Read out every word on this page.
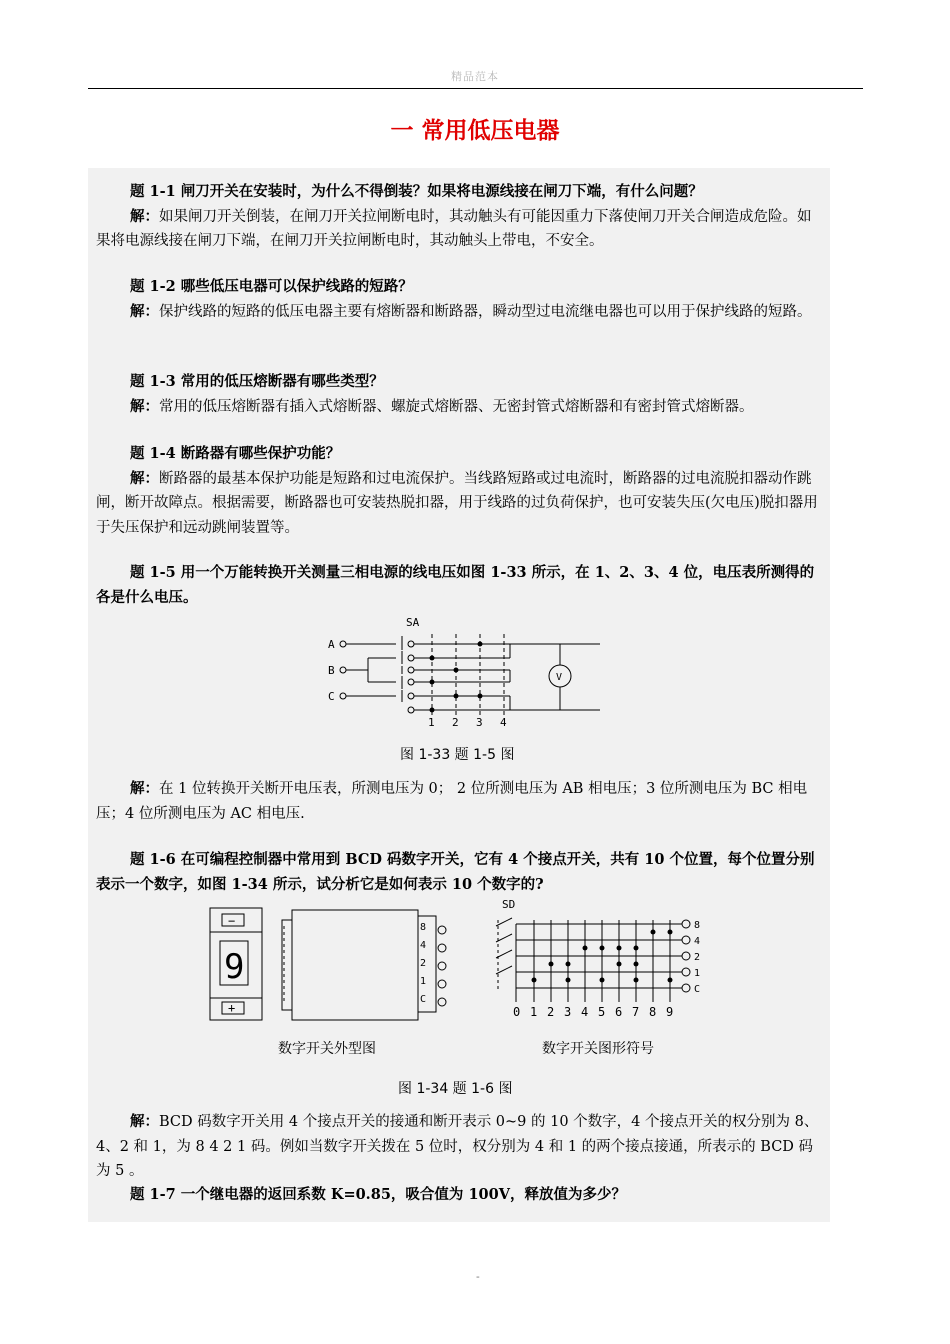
精品范本
一 常用低压电器

题 1-1 闸刀开关在安装时，为什么不得倒装？如果将电源线接在闸刀下端，有什么问题？

解：如果闸刀开关倒装，在闸刀开关拉闸断电时，其动触头有可能因重力下落使闸刀开关合闸造成危险。如果将电源线接在闸刀下端，在闸刀开关拉闸断电时，其动触头上带电，不安全。

题 1-2 哪些低压电器可以保护线路的短路？

解：保护线路的短路的低压电器主要有熔断器和断路器，瞬动型过电流继电器也可以用于保护线路的短路。

题 1-3 常用的低压熔断器有哪些类型？

解：常用的低压熔断器有插入式熔断器、螺旋式熔断器、无密封管式熔断器和有密封管式熔断器。

题 1-4 断路器有哪些保护功能？

解：断路器的最基本保护功能是短路和过电流保护。当线路短路或过电流时，断路器的过电流脱扣器动作跳闸，断开故障点。根据需要，断路器也可安装热脱扣器，用于线路的过负荷保护，也可安装失压(欠电压)脱扣器用于失压保护和远动跳闸装置等。

题 1-5 用一个万能转换开关测量三相电源的线电压如图 1-33 所示，在 1、2、3、4 位，电压表所测得的各是什么电压。

SA
A
B
C
V
1 2 3 4
图 1-33 题 1-5 图

解：在 1 位转换开关断开电压表，所测电压为 0； 2 位所测电压为 AB 相电压；3 位所测电压为 BC 相电压；4 位所测电压为 AC 相电压.

题 1-6 在可编程控制器中常用到 BCD 码数字开关，它有 4 个接点开关，共有 10 个位置，每个位置分别表示一个数字，如图 1-34 所示，试分析它是如何表示 10 个数字的?

−
9
+
8
4
2
1
C
SD
8
4
2
1
C
0 1 2 3 4 5 6 7 8 9
数字开关外型图	数字开关图形符号
图 1-34 题 1-6 图

解：BCD 码数字开关用 4 个接点开关的接通和断开表示 0~9 的 10 个数字，4 个接点开关的权分别为 8、4、2 和 1，为 8 4 2 1 码。例如当数字开关拨在 5 位时，权分别为 4 和 1 的两个接点接通，所表示的 BCD 码为 5 。

题 1-7 一个继电器的返回系数 K=0.85，吸合值为 100V，释放值为多少？

-
